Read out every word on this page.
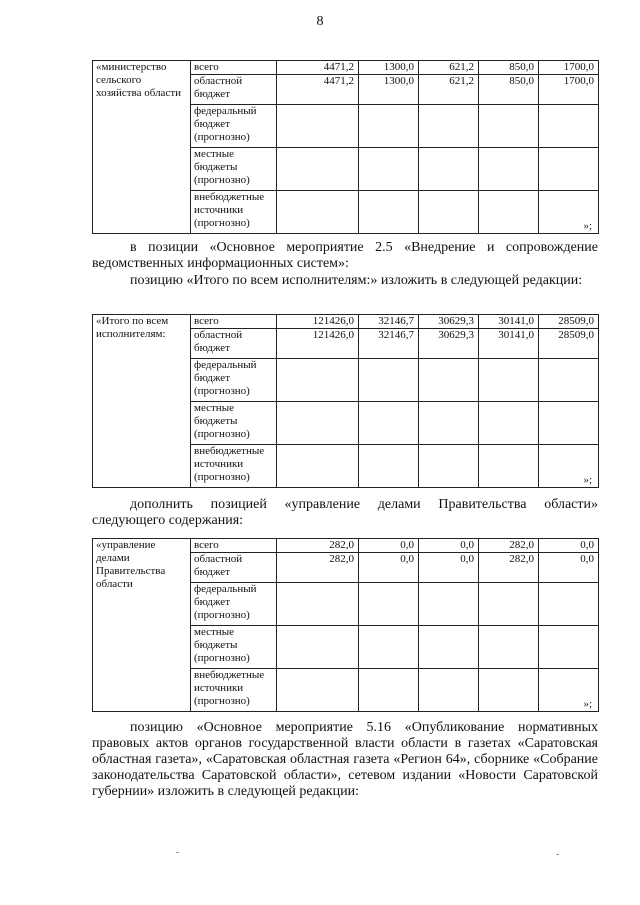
8
«министерство сельского хозяйства области	всего	4471,2	1300,0	621,2	850,0	1700,0
	областной бюджет	4471,2	1300,0	621,2	850,0	1700,0
	федеральный бюджет (прогнозно)					
	местные бюджеты (прогнозно)					
	внебюджетные источники (прогнозно)					»;

в позиции «Основное мероприятие 2.5 «Внедрение и сопровождение ведомственных информационных систем»:

позицию «Итого по всем исполнителям:» изложить в следующей редакции:

«Итого по всем исполнителям:	всего	121426,0	32146,7	30629,3	30141,0	28509,0
	областной бюджет	121426,0	32146,7	30629,3	30141,0	28509,0
	федеральный бюджет (прогнозно)					
	местные бюджеты (прогнозно)					
	внебюджетные источники (прогнозно)					»;

дополнить позицией «управление делами Правительства области» следующего содержания:

«управление делами Правительства области	всего	282,0	0,0	0,0	282,0	0,0
	областной бюджет	282,0	0,0	0,0	282,0	0,0
	федеральный бюджет (прогнозно)					
	местные бюджеты (прогнозно)					
	внебюджетные источники (прогнозно)					»;

позицию «Основное мероприятие 5.16 «Опубликование нормативных правовых актов органов государственной власти области в газетах «Саратовская областная газета», «Саратовская областная газета «Регион 64», сборнике «Собрание законодательства Саратовской области», сетевом издании «Новости Саратовской губернии» изложить в следующей редакции:
